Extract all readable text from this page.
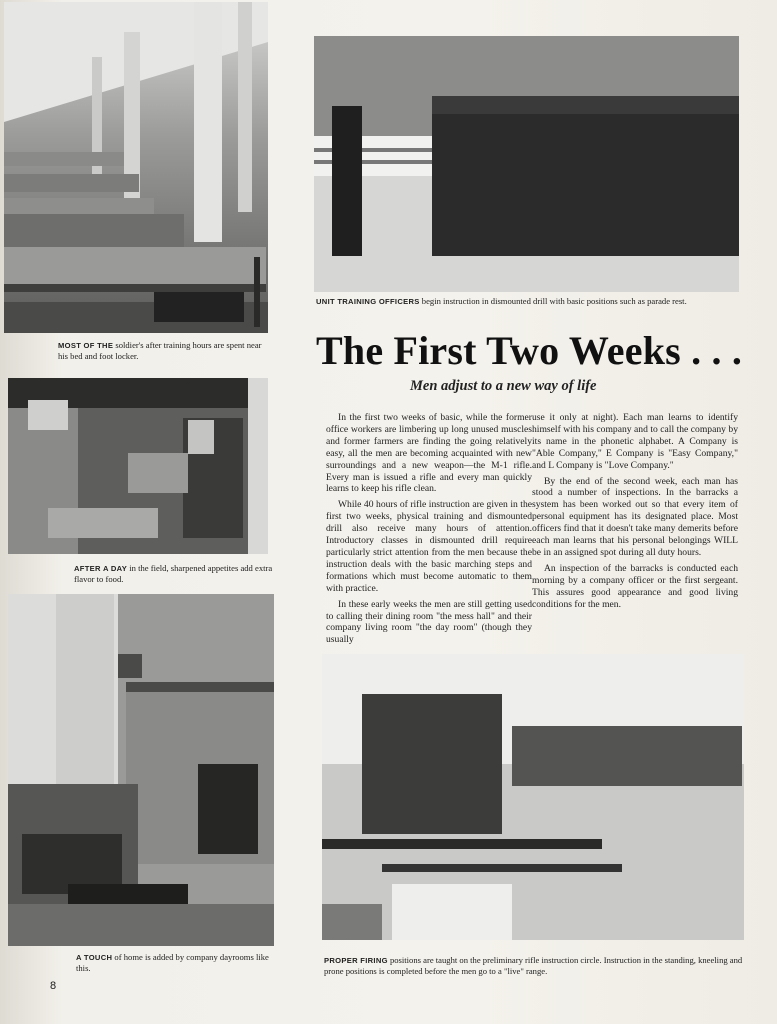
MOST OF THE soldier's after training hours are spent near his bed and foot locker.
UNIT TRAINING OFFICERS begin instruction in dismounted drill with basic positions such as parade rest.
AFTER A DAY in the field, sharpened appetites add extra flavor to food.
A TOUCH of home is added by company dayrooms like this.
PROPER FIRING positions are taught on the preliminary rifle instruction circle. Instruction in the standing, kneeling and prone positions is completed before the men go to a "live" range.
The First Two Weeks . . .
Men adjust to a new way of life

In the first two weeks of basic, while the former office workers are limbering up long unused muscles and former farmers are finding the going relatively easy, all the men are becoming acquainted with new surroundings and a new weapon—the M-1 rifle. Every man is issued a rifle and every man quickly learns to keep his rifle clean.

While 40 hours of rifle instruction are given in the first two weeks, physical training and dismounted drill also receive many hours of attention. Introductory classes in dismounted drill require particularly strict attention from the men because the instruction deals with the basic marching steps and formations which must become automatic to them with practice.

In these early weeks the men are still getting used to calling their dining room "the mess hall" and their company living room "the day room" (though they usually

use it only at night). Each man learns to identify himself with his company and to call the company by its name in the phonetic alphabet. A Company is "Able Company," E Company is "Easy Company," and L Company is "Love Company."

By the end of the second week, each man has stood a number of inspections. In the barracks a system has been worked out so that every item of personal equipment has its designated place. Most officers find that it doesn't take many demerits before each man learns that his personal belongings WILL be in an assigned spot during all duty hours.

An inspection of the barracks is conducted each morning by a company officer or the first sergeant. This assures good appearance and good living conditions for the men.

8
